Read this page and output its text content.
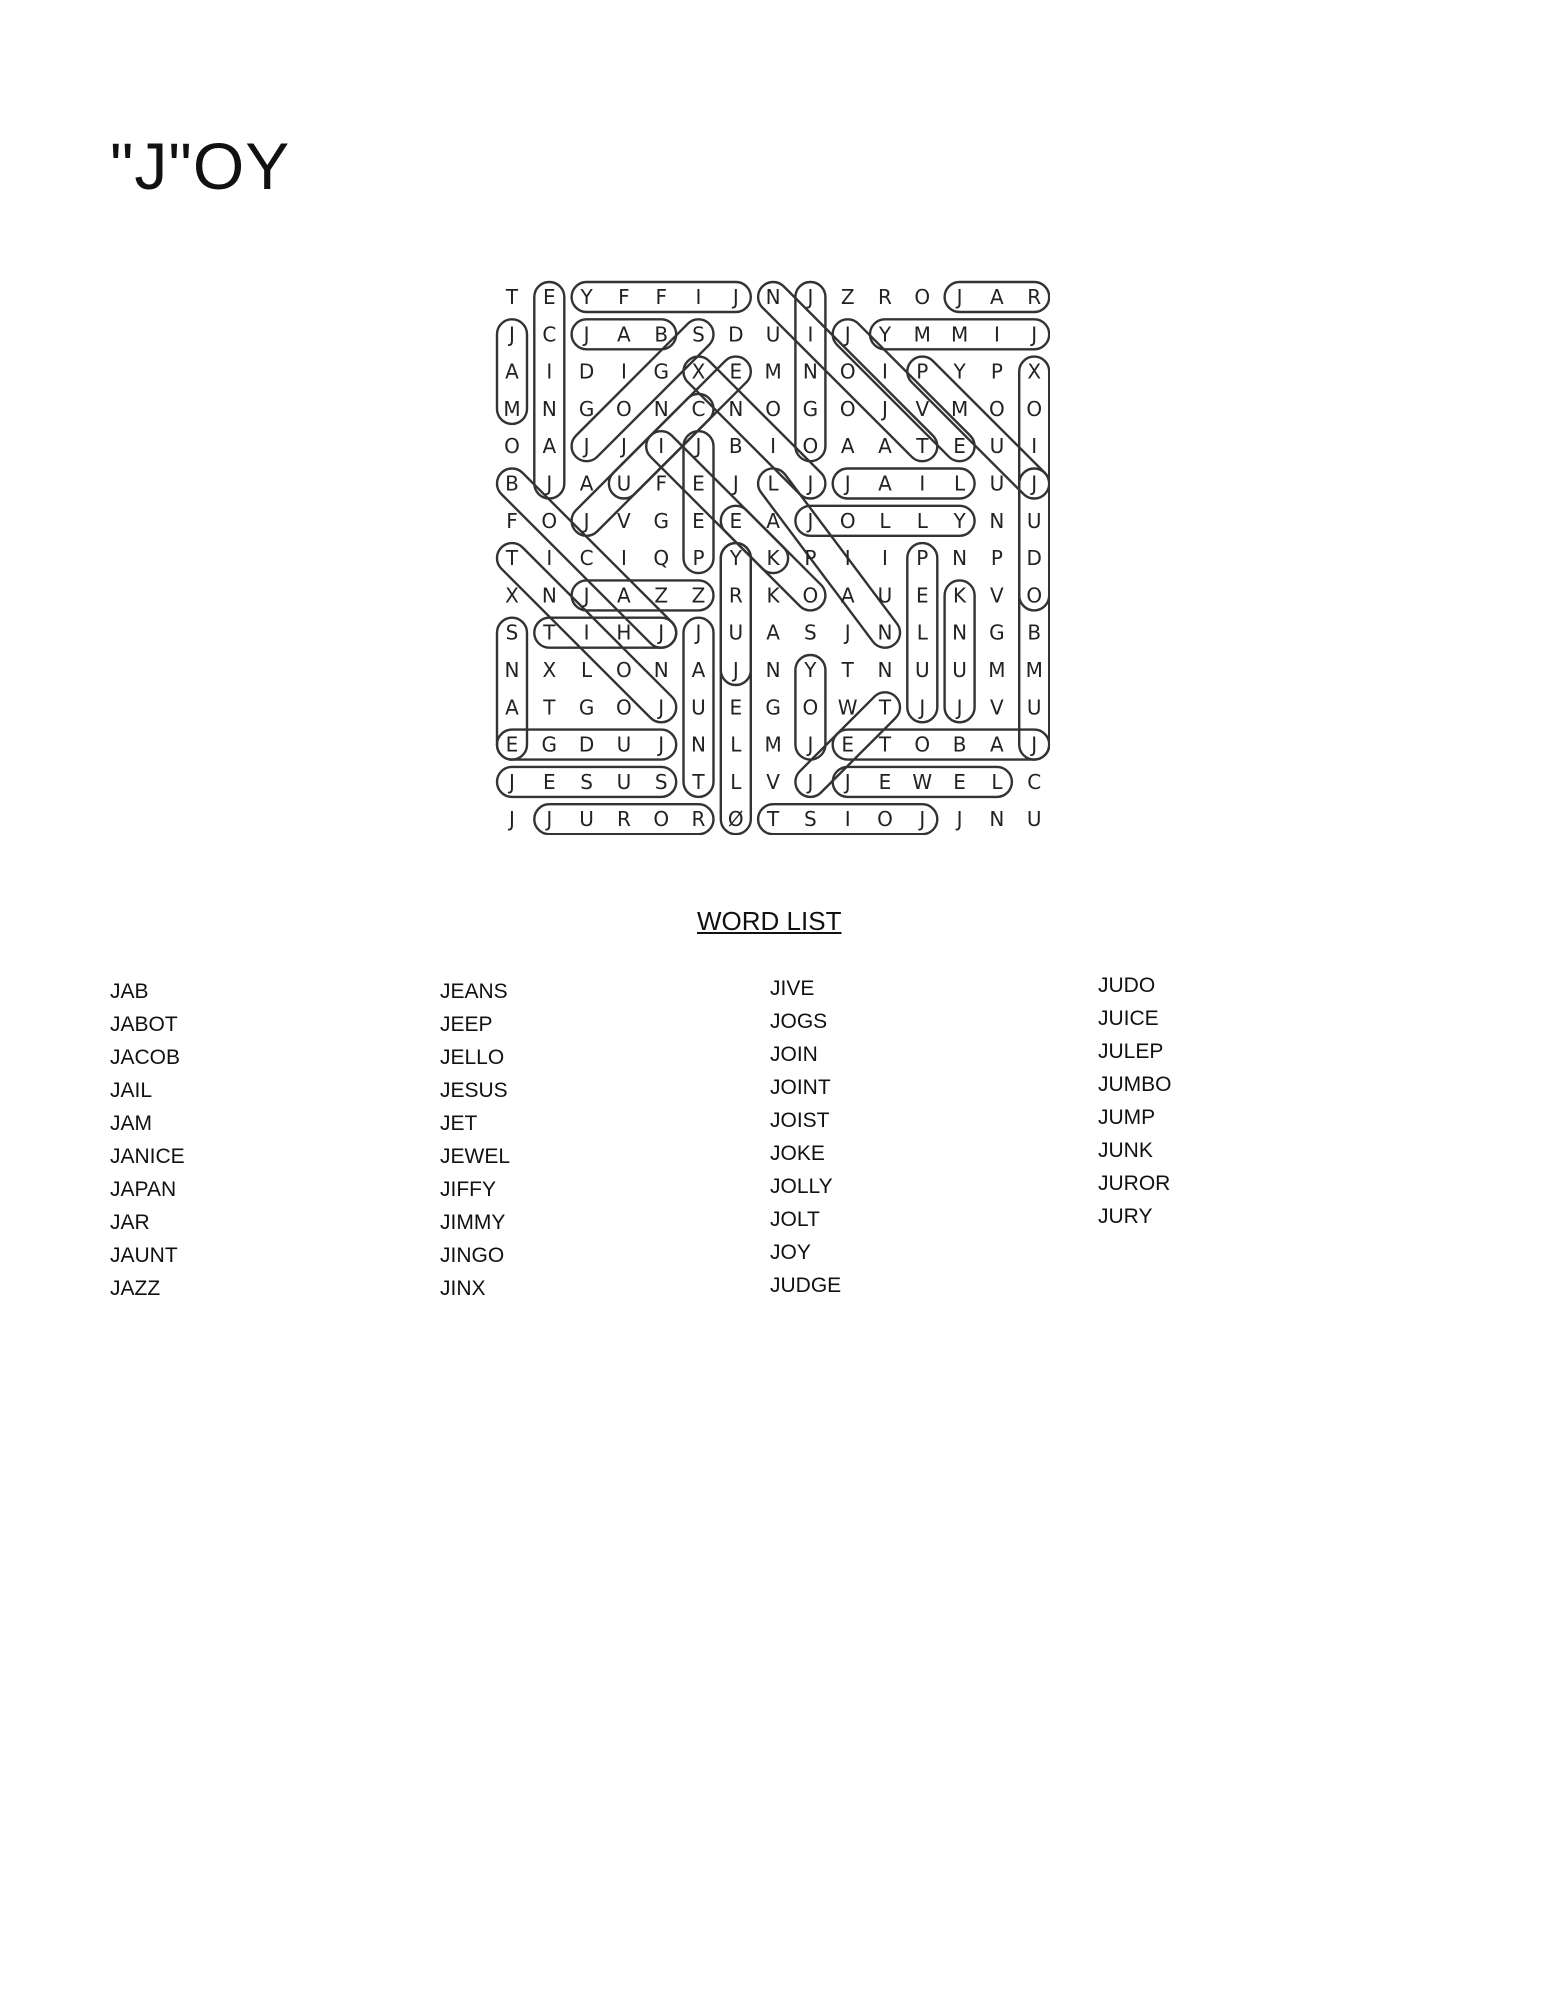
"J"OY
T E Y F F I J N J Z R O J A R
J C J A B S D U I J Y M M I J
A I D I G X E M N O I P Y P X
M N G O N C N O G O J V M O O
O A J J I J B I O A A T E U I
B J A U F E J L J J A I L U J
F O J V G E E A J O L L Y N U
T I C I Q P Y K P I I P N P D
X N J A Z Z R K O A U E K V O
S T I H J J U A S J N L N G B
N X L O N A J N Y T N U U M M
A T G O J U E G O W T J J V U
E G D U J N L M J E T O B A J
J E S U S T L V J J E W E L C
J J U R O R Ø T S I O J J N U
WORD LIST
JAB
JABOT
JACOB
JAIL
JAM
JANICE
JAPAN
JAR
JAUNT
JAZZ
JEANS
JEEP
JELLO
JESUS
JET
JEWEL
JIFFY
JIMMY
JINGO
JINX
JIVE
JOGS
JOIN
JOINT
JOIST
JOKE
JOLLY
JOLT
JOY
JUDGE
JUDO
JUICE
JULEP
JUMBO
JUMP
JUNK
JUROR
JURY
